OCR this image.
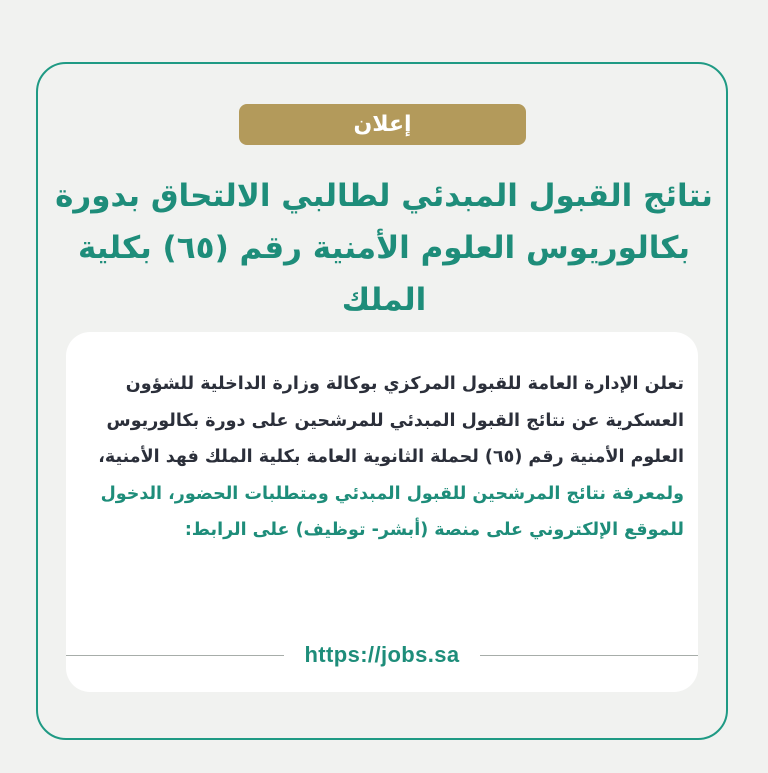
إعلان
نتائج القبول المبدئي لطالبي الالتحاق بدورة
بكالوريوس العلوم الأمنية رقم (٦٥) بكلية الملك

تعلن الإدارة العامة للقبول المركزي بوكالة وزارة الداخلية للشؤون العسكرية عن نتائج القبول المبدئي للمرشحين على دورة بكالوريوس العلوم الأمنية رقم (٦٥) لحملة الثانوية العامة بكلية الملك فهد الأمنية،

ولمعرفة نتائج المرشحين للقبول المبدئي ومتطلبات الحضور، الدخول للموقع الإلكتروني على منصة (أبشر- توظيف) على الرابط:

https://jobs.sa
